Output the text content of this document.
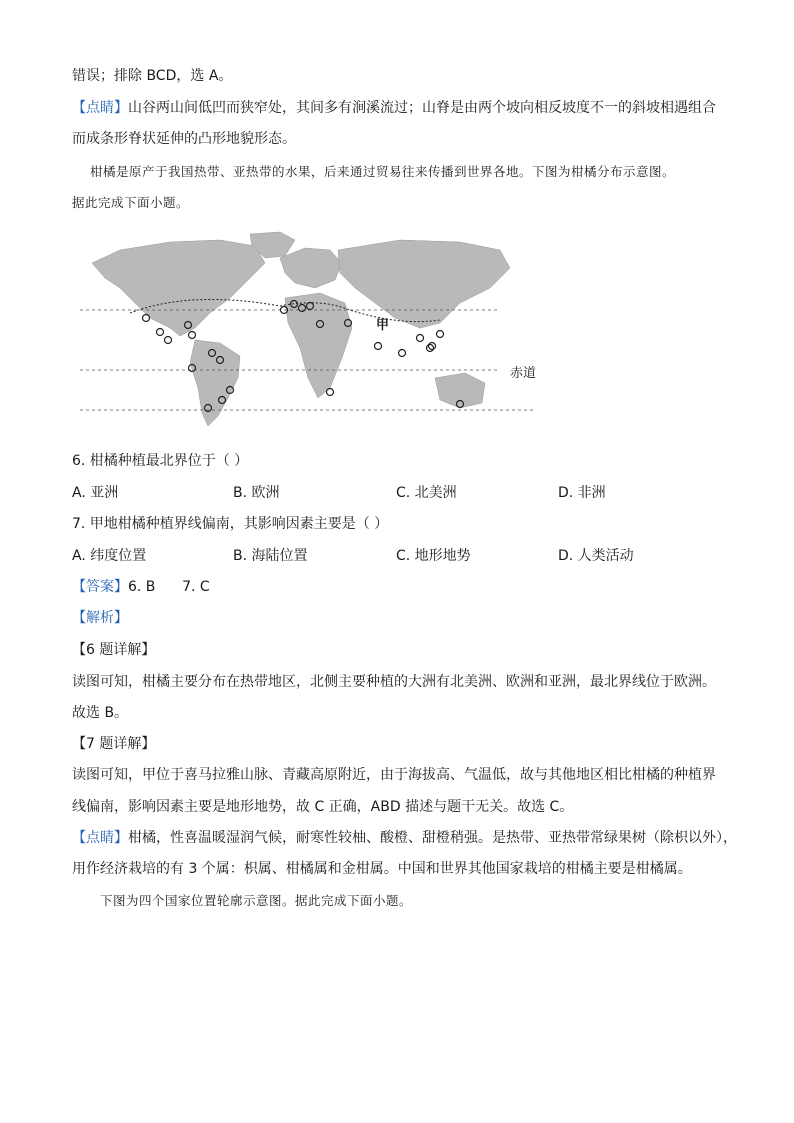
错误；排除 BCD，选 A。
【点睛】山谷两山间低凹而狭窄处，其间多有涧溪流过；山脊是由两个坡向相反坡度不一的斜坡相遇组合
而成条形脊状延伸的凸形地貌形态。
柑橘是原产于我国热带、亚热带的水果，后来通过贸易往来传播到世界各地。下图为柑橘分布示意图。
据此完成下面小题。
甲
赤道
6. 柑橘种植最北界位于（ ）
A. 亚洲	B. 欧洲	C. 北美洲	D. 非洲
7. 甲地柑橘种植界线偏南，其影响因素主要是（ ）
A. 纬度位置	B. 海陆位置	C. 地形地势	D. 人类活动
【答案】6. B      7. C
【解析】
【6 题详解】
读图可知，柑橘主要分布在热带地区，北侧主要种植的大洲有北美洲、欧洲和亚洲，最北界线位于欧洲。
故选 B。
【7 题详解】
读图可知，甲位于喜马拉雅山脉、青藏高原附近，由于海拔高、气温低，故与其他地区相比柑橘的种植界
线偏南，影响因素主要是地形地势，故 C 正确，ABD 描述与题干无关。故选 C。
【点睛】柑橘，性喜温暖湿润气候，耐寒性较柚、酸橙、甜橙稍强。是热带、亚热带常绿果树（除枳以外），
用作经济栽培的有 3 个属：枳属、柑橘属和金柑属。中国和世界其他国家栽培的柑橘主要是柑橘属。
下图为四个国家位置轮廓示意图。据此完成下面小题。
